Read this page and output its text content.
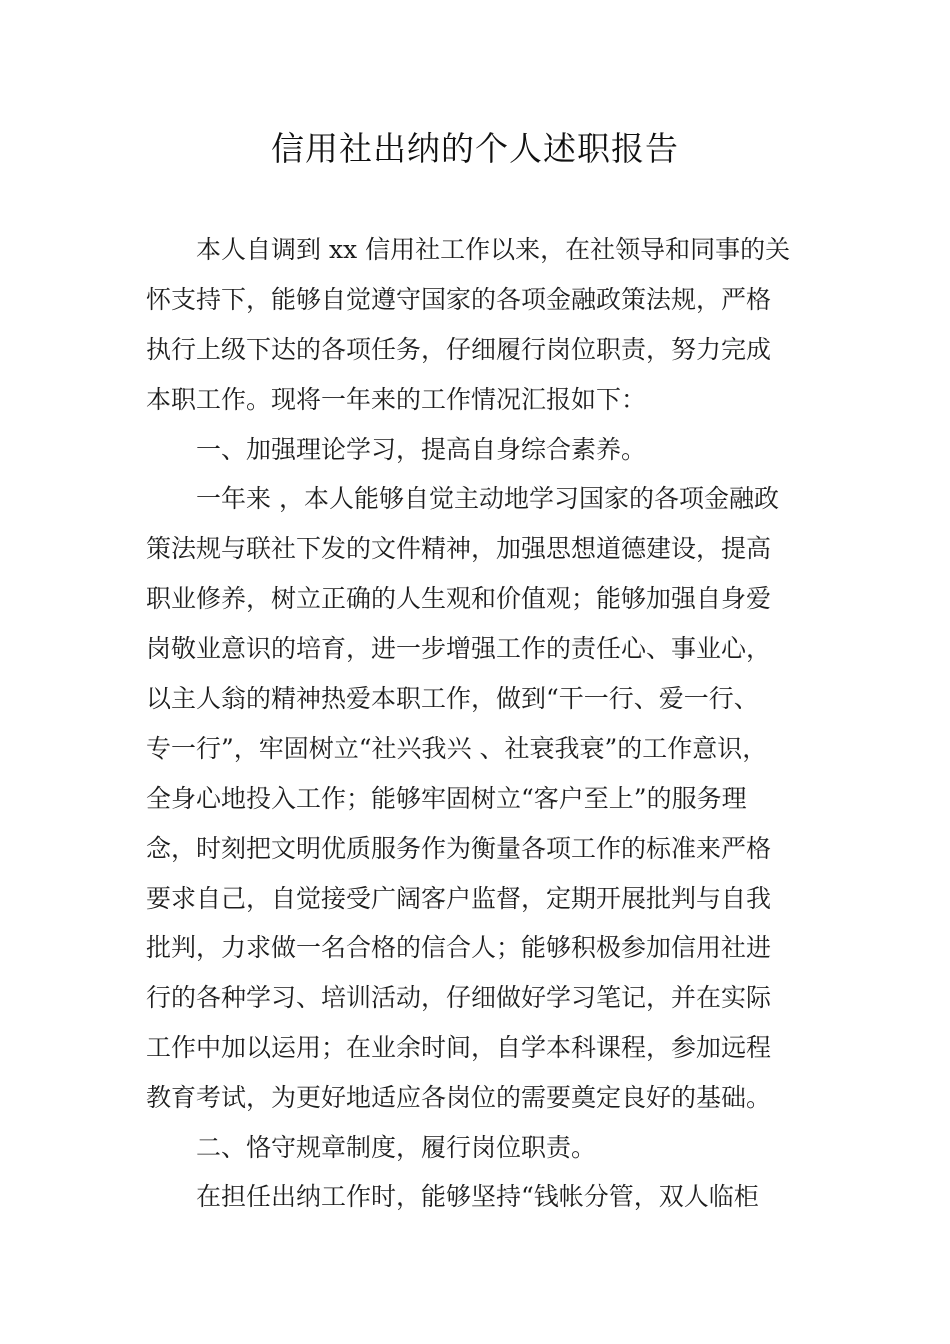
信用社出纳的个人述职报告

本人自调到 xx 信用社工作以来，在社领导和同事的关

怀支持下，能够自觉遵守国家的各项金融政策法规，严格

执行上级下达的各项任务，仔细履行岗位职责，努力完成

本职工作。现将一年来的工作情况汇报如下：

一、加强理论学习，提高自身综合素养。

一年来 ，本人能够自觉主动地学习国家的各项金融政

策法规与联社下发的文件精神，加强思想道德建设，提高

职业修养，树立正确的人生观和价值观；能够加强自身爱

岗敬业意识的培育，进一步增强工作的责任心、事业心，

以主人翁的精神热爱本职工作，做到“干一行、爱一行、

专一行”，牢固树立“社兴我兴 、社衰我衰”的工作意识，

全身心地投入工作；能够牢固树立“客户至上”的服务理

念，时刻把文明优质服务作为衡量各项工作的标准来严格

要求自己，自觉接受广阔客户监督，定期开展批判与自我

批判，力求做一名合格的信合人；能够积极参加信用社进

行的各种学习、培训活动，仔细做好学习笔记，并在实际

工作中加以运用；在业余时间，自学本科课程，参加远程

教育考试，为更好地适应各岗位的需要奠定良好的基础。

二、恪守规章制度，履行岗位职责。

在担任出纳工作时，能够坚持“钱帐分管，双人临柜
